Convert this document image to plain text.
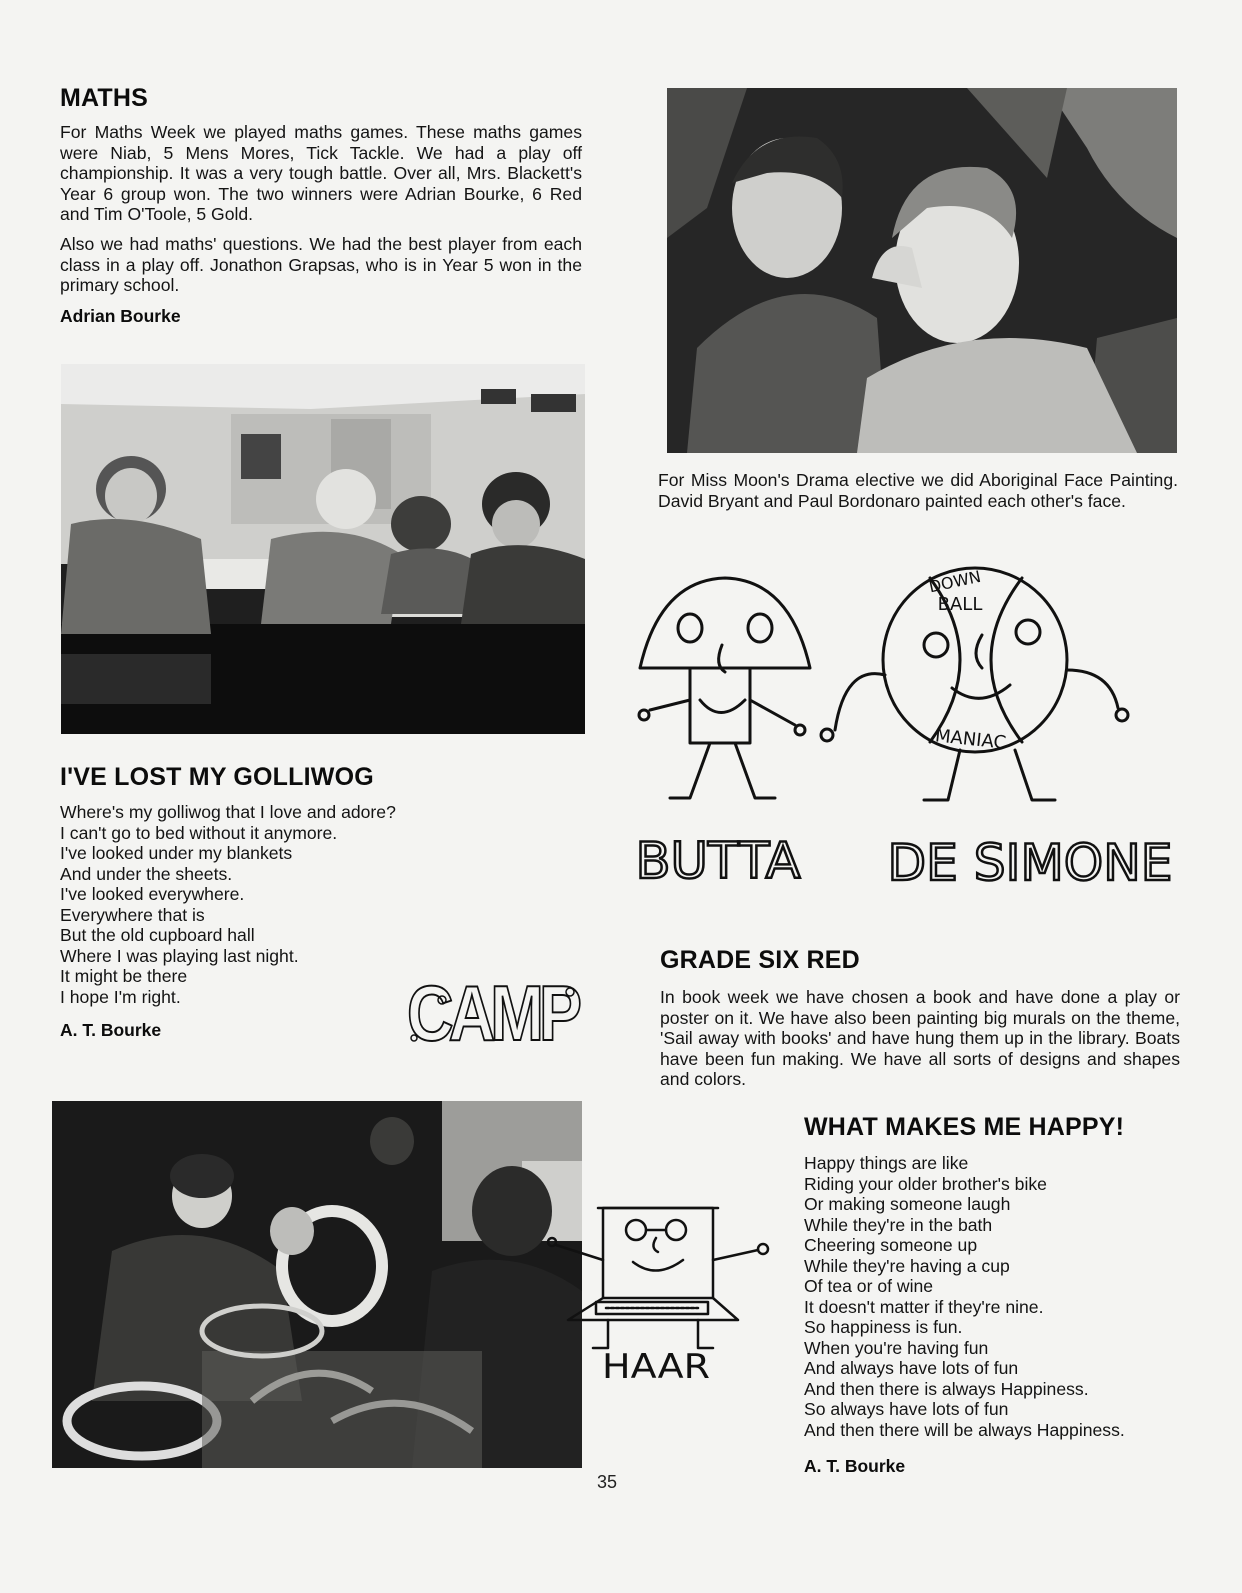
MATHS

For Maths Week we played maths games. These maths games were Niab, 5 Mens Mores, Tick Tackle. We had a play off championship. It was a very tough battle. Over all, Mrs. Blackett's Year 6 group won. The two winners were Adrian Bourke, 6 Red and Tim O'Toole, 5 Gold.

Also we had maths' questions. We had the best player from each class in a play off. Jonathon Grapsas, who is in Year 5 won in the primary school.

Adrian Bourke

I'VE LOST MY GOLLIWOG
Where's my golliwog that I love and adore?
I can't go to bed without it anymore.
I've looked under my blankets
And under the sheets.
I've looked everywhere.
Everywhere that is
But the old cupboard hall
Where I was playing last night.
It might be there
I hope I'm right.

A. T. Bourke	CAMP

For Miss Moon's Drama elective we did Aboriginal Face Painting. David Bryant and Paul Bordonaro painted each other's face.

DOWN
BALL
MANIAC
BUTTA DE SIMONE
GRADE SIX RED

In book week we have chosen a book and have done a play or poster on it. We have also been painting big murals on the theme, 'Sail away with books' and have hung them up in the library. Boats have been fun making. We have all sorts of designs and shapes and colors.

HAAR
WHAT MAKES ME HAPPY!
Happy things are like
Riding your older brother's bike
Or making someone laugh
While they're in the bath
Cheering someone up
While they're having a cup
Of tea or of wine
It doesn't matter if they're nine.
So happiness is fun.
When you're having fun
And always have lots of fun
And then there is always Happiness.
So always have lots of fun
And then there will be always Happiness.

A. T. Bourke

35
